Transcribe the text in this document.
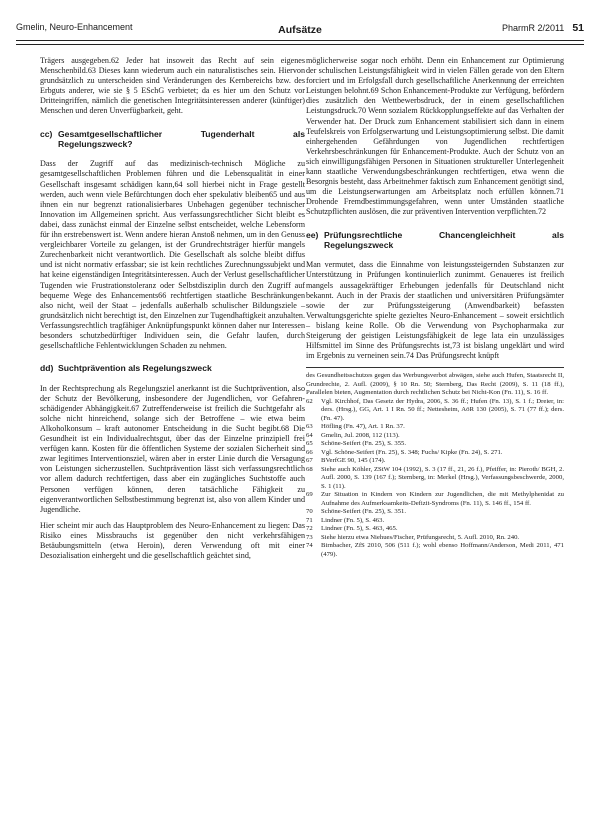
Gmelin, Neuro-Enhancement	Aufsätze	PharmR 2/2011 51

Trägers ausgegeben.62 Jeder hat insoweit das Recht auf sein eigenes Menschenbild.63 Dieses kann wiederum auch ein naturalistisches sein. Hiervon grundsätzlich zu unterscheiden sind Veränderungen des Kernbereichs bzw. des Erbguts anderer, wie sie § 5 ESchG verbietet; da es hier um den Schutz vor Dritteingriffen, nämlich die genetischen Integritätsinteressen anderer (künftiger) Menschen und deren Unverfügbarkeit, geht.

cc) Gesamtgesellschaftlicher Tugenderhalt als Regelungszweck?

Dass der Zugriff auf das medizinisch-technisch Mögliche zu gesamtgesellschaftlichen Problemen führen und die Lebensqualität in einer Gesellschaft insgesamt schädigen kann,64 soll hierbei nicht in Frage gestellt werden, auch wenn viele Befürchtungen doch eher spekulativ bleiben65 und aus ihnen ein nur begrenzt rationalisierbares Unbehagen gegenüber technischer Innovation im Allgemeinen spricht. Aus verfassungsrechtlicher Sicht bleibt es dabei, dass zunächst einmal der Einzelne selbst entscheidet, welche Lebensform für ihn erstrebenswert ist. Wenn andere hieran Anstoß nehmen, um in den Genuss vergleichbarer Vorteile zu gelangen, ist der Grundrechtsträger hierfür mangels Zurechenbarkeit nicht verantwortlich. Die Gesellschaft als solche bleibt diffus und ist nicht normativ erfassbar; sie ist kein rechtliches Zurechnungssubjekt und hat keine eigenständigen Integritätsinteressen. Auch der Verlust gesellschaftlicher Tugenden wie Frustrationstoleranz oder Selbstdisziplin durch den Zugriff auf bequeme Wege des Enhancements66 rechtfertigen staatliche Beschränkungen also nicht, weil der Staat – jedenfalls außerhalb schulischer Bildungsziele – grundsätzlich nicht berechtigt ist, den Einzelnen zur Tugendhaftigkeit anzuhalten. Verfassungsrechtlich tragfähiger Anknüpfungspunkt können daher nur Interessen besonders schutzbedürftiger Individuen sein, die Gefahr laufen, durch gesellschaftliche Fehlentwicklungen Schaden zu nehmen.

dd) Suchtprävention als Regelungszweck

In der Rechtsprechung als Regelungsziel anerkannt ist die Suchtprävention, also der Schutz der Bevölkerung, insbesondere der Jugendlichen, vor Gefahren-schädigender Abhängigkeit.67 Zutreffenderweise ist freilich die Suchtgefahr als solche nicht hinreichend, solange sich der Betroffene – wie etwa beim Alkoholkonsum – kraft autonomer Entscheidung in die Sucht begibt.68 Die Gesundheit ist ein Individualrechtsgut, über das der Einzelne prinzipiell frei verfügen kann. Kosten für die öffentlichen Systeme der sozialen Sicherheit sind zwar legitimes Interventionsziel, wären aber in erster Linie durch die Versagung von Leistungen sicherzustellen. Suchtprävention lässt sich verfassungsrechtlich vor allem dadurch rechtfertigen, dass aber ein zugängliches Suchtstoffe auch Personen verfügen können, deren tatsächliche Fähigkeit zu eigenverantwortlichen Selbstbestimmung begrenzt ist, also von allem Kinder und Jugendliche.

Hier scheint mir auch das Hauptproblem des Neuro-Enhancement zu liegen: Das Risiko eines Missbrauchs ist gegenüber den nicht verkehrsfähigen Betäubungsmitteln (etwa Heroin), deren Verwendung oft mit einer Desozialisation einhergeht und die gesellschaftlich geächtet sind,

möglicherweise sogar noch erhöht. Denn ein Enhancement zur Optimierung der schulischen Leistungsfähigkeit wird in vielen Fällen gerade von den Eltern forciert und im Erfolgsfall durch gesellschaftliche Anerkennung der erreichten Leistungen belohnt.69 Schon Enhancement-Produkte zur Verfügung, befördern dies zusätzlich den Wettbewerbsdruck, der in einem gesellschaftlichen Leistungsdruck.70 Wenn sozialem Rückkopplungseffekte auf das Verhalten der Verwender hat. Der Druck zum Enhancement stabilisiert sich dann in einem Teufelskreis von Erfolgserwartung und Leistungsoptimierung selbst. Die damit einhergehenden Gefährdungen von Jugendlichen rechtfertigen Verkehrsbeschränkungen für Enhancement-Produkte. Auch der Schutz von an sich einwilligungsfähigen Personen in Situationen struktureller Unterlegenheit kann staatliche Verwendungsbeschränkungen rechtfertigen, etwa wenn die Besorgnis besteht, dass Arbeitnehmer faktisch zum Enhancement genötigt sind, um die Leistungserwartungen am Arbeitsplatz noch erfüllen können.71 Drohende Fremdbestimmungsgefahren, wenn unter Umständen staatliche Schutzpflichten auslösen, die zur präventiven Intervention verpflichten.72

ee) Prüfungsrechtliche Chancengleichheit als Regelungszweck

Man vermutet, dass die Einnahme von leistungssteigernden Substanzen zur Unterstützung in Prüfungen kontinuierlich zunimmt. Genaueres ist freilich mangels aussagekräftiger Erhebungen jedenfalls für Deutschland nicht bekannt. Auch in der Praxis der staatlichen und universitären Prüfungsämter sowie der zur Prüfungssteigerung (Anwendbarkeit) befassten Verwaltungsgerichte spielte gezieltes Neuro-Enhancement – soweit ersichtlich – bislang keine Rolle. Ob die Verwendung von Psychopharmaka zur Steigerung der geistigen Leistungsfähigkeit de lege lata ein unzulässiges Hilfsmittel im Sinne des Prüfungsrechts ist,73 ist bislang ungeklärt und wird im Ergebnis zu verneinen sein.74 Das Prüfungsrecht knüpft

des Gesundheitsschutzes gegen das Werbungsverbot abwägen, siehe auch Hufen, Staatsrecht II, Grundrechte, 2. Aufl. (2009), § 10 Rn. 50; Sternberg, Das Recht (2009), S. 11 (18 ff.), Parallelen bieten, Augmentation durch rechtlichen Schutz bei Nicht-Kon (Fn. 11), S. 16 ff.
62	Vgl. Kirchhof, Das Gesetz der Hydra, 2006, S. 36 ff.; Hufen (Fn. 13), S. 1 f.; Dreier, in: ders. (Hrsg.), GG, Art. 1 I Rn. 50 ff.; Nettesheim, AöR 130 (2005), S. 71 (77 ff.); ders. (Fn. 47).
63	Höfling (Fn. 47), Art. 1 Rn. 37.
64	Gmelin, Jul. 2008, 112 (113).
65	Schöne-Seifert (Fn. 25), S. 355.
66	Vgl. Schöne-Seifert (Fn. 25), S. 348; Fuchs/ Kipke (Fn. 24), S. 271.
67	BVerfGE 90, 145 (174).
68	Siehe auch Köhler, ZStW 104 (1992), S. 3 (17 ff., 21, 26 f.), Pfeiffer, in: Pieroth/ BGH, 2. Aufl. 2000, S. 139 (167 f.); Sternberg, in: Merkel (Hrsg.), Verfassungsbeschwerde, 2000, S. 1 (11).
69	Zur Situation in Kindern von Kindern zur Jugendlichen, die mit Methylphenidat zu Aufnahme des Aufmerksamkeits-Defizit-Syndroms (Fn. 11), S. 146 ff., 154 ff.
70	Schöne-Seifert (Fn. 25), S. 351.
71	Lindner (Fn. 5), S. 463.
72	Lindner (Fn. 5), S. 463, 465.
73	Siehe hierzu etwa Niehues/Fischer, Prüfungsrecht, 5. Aufl. 2010, Rn. 240.
74	Birnbacher, ZfS 2010, 506 (511 f.); wohl ebenso Hoffmann/Anderson, Medi 2011, 471 (479).
